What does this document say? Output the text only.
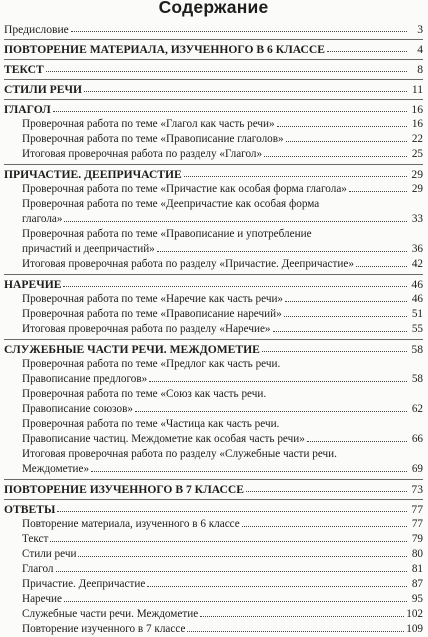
Содержание
Предисловие	3
ПОВТОРЕНИЕ МАТЕРИАЛА, ИЗУЧЕННОГО В 6 КЛАССЕ	4
ТЕКСТ	8
СТИЛИ РЕЧИ	11
ГЛАГОЛ	16
Проверочная работа по теме «Глагол как часть речи»	16
Проверочная работа по теме «Правописание глаголов»	22
Итоговая проверочная работа по разделу «Глагол»	25
ПРИЧАСТИЕ. ДЕЕПРИЧАСТИЕ	29
Проверочная работа по теме «Причастие как особая форма глагола»	29
Проверочная работа по теме «Деепричастие как особая форма
глагола»	33
Проверочная работа по теме «Правописание и употребление
причастий и деепричастий»	36
Итоговая проверочная работа по разделу «Причастие. Деепричастие»	42
НАРЕЧИЕ	46
Проверочная работа по теме «Наречие как часть речи»	46
Проверочная работа по теме «Правописание наречий»	51
Итоговая проверочная работа по разделу «Наречие»	55
СЛУЖЕБНЫЕ ЧАСТИ РЕЧИ. МЕЖДОМЕТИЕ	58
Проверочная работа по теме «Предлог как часть речи.
Правописание предлогов»	58
Проверочная работа по теме «Союз как часть речи.
Правописание союзов»	62
Проверочная работа по теме «Частица как часть речи.
Правописание частиц. Междометие как особая часть речи»	66
Итоговая проверочная работа по разделу «Служебные части речи.
Междометие»	69
ПОВТОРЕНИЕ ИЗУЧЕННОГО В 7 КЛАССЕ	73
ОТВЕТЫ	77
Повторение материала, изученного в 6 классе	77
Текст	79
Стили речи	80
Глагол	81
Причастие. Деепричастие	87
Наречие	95
Служебные части речи. Междометие	102
Повторение изученного в 7 классе	109
